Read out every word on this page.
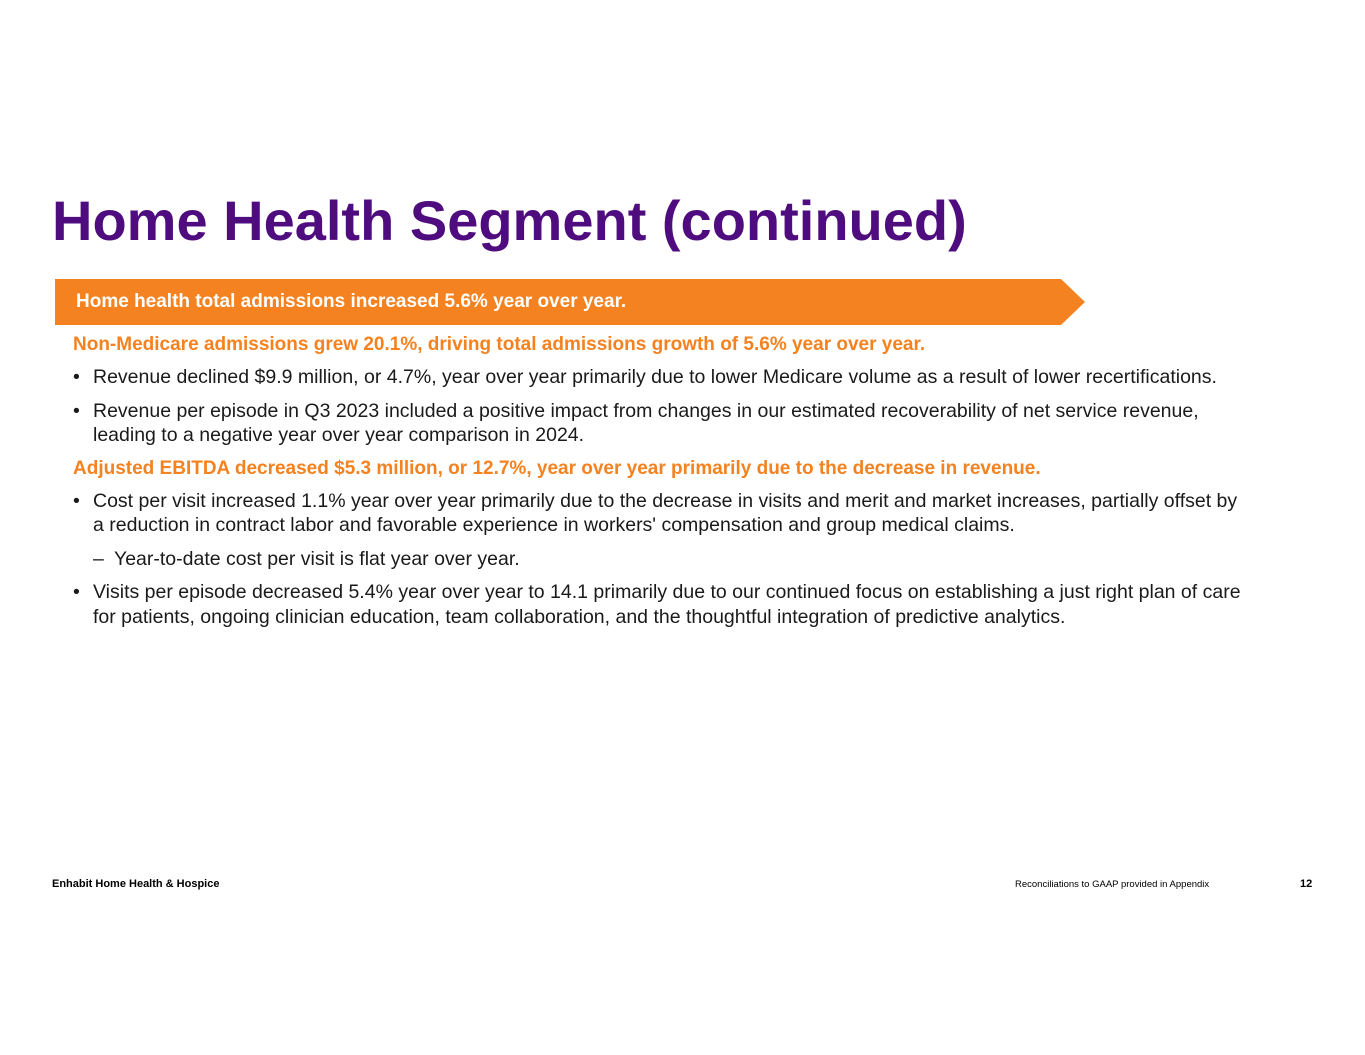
Home Health Segment (continued)
Home health total admissions increased 5.6% year over year.
Non-Medicare admissions grew 20.1%, driving total admissions growth of 5.6% year over year.
• Revenue declined $9.9 million, or 4.7%, year over year primarily due to lower Medicare volume as a result of lower recertifications.
• Revenue per episode in Q3 2023 included a positive impact from changes in our estimated recoverability of net service revenue, leading to a negative year over year comparison in 2024.
Adjusted EBITDA decreased $5.3 million, or 12.7%, year over year primarily due to the decrease in revenue.
• Cost per visit increased 1.1% year over year primarily due to the decrease in visits and merit and market increases, partially offset by a reduction in contract labor and favorable experience in workers' compensation and group medical claims.
– Year-to-date cost per visit is flat year over year.
• Visits per episode decreased 5.4% year over year to 14.1 primarily due to our continued focus on establishing a just right plan of care for patients, ongoing clinician education, team collaboration, and the thoughtful integration of predictive analytics.
Enhabit Home Health & Hospice	Reconciliations to GAAP provided in Appendix	12
